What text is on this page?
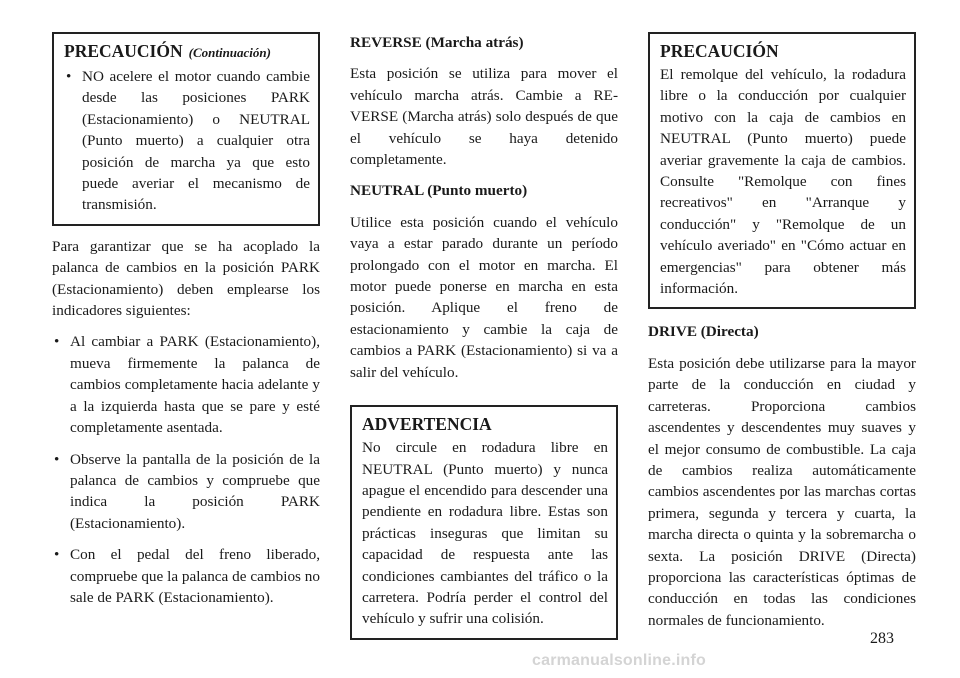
PRECAUCIÓN (Continuación)

• NO acelere el motor cuando cambie desde las posiciones PARK (Estacionamiento) o NEUTRAL (Punto muerto) a cualquier otra posición de marcha ya que esto puede averiar el mecanismo de transmisión.

Para garantizar que se ha acoplado la palanca de cambios en la posición PARK (Estacionamiento) deben emplearse los indicadores siguientes:

• Al cambiar a PARK (Estacionamiento), mueva firmemente la palanca de cambios completamente hacia adelante y a la izquierda hasta que se pare y esté completamente asentada.

• Observe la pantalla de la posición de la palanca de cambios y compruebe que indica la posición PARK (Estacionamiento).

• Con el pedal del freno liberado, compruebe que la palanca de cambios no sale de PARK (Estacionamiento).

REVERSE (Marcha atrás)

Esta posición se utiliza para mover el vehículo marcha atrás. Cambie a REVERSE (Marcha atrás) solo después de que el vehículo se haya detenido completamente.

NEUTRAL (Punto muerto)

Utilice esta posición cuando el vehículo vaya a estar parado durante un período prolongado con el motor en marcha. El motor puede ponerse en marcha en esta posición. Aplique el freno de estacionamiento y cambie la caja de cambios a PARK (Estacionamiento) si va a salir del vehículo.

ADVERTENCIA

No circule en rodadura libre en NEUTRAL (Punto muerto) y nunca apague el encendido para descender una pendiente en rodadura libre. Estas son prácticas inseguras que limitan su capacidad de respuesta ante las condiciones cambiantes del tráfico o la carretera. Podría perder el control del vehículo y sufrir una colisión.

PRECAUCIÓN

El remolque del vehículo, la rodadura libre o la conducción por cualquier motivo con la caja de cambios en NEUTRAL (Punto muerto) puede averiar gravemente la caja de cambios. Consulte "Remolque con fines recreativos" en "Arranque y conducción" y "Remolque de un vehículo averiado" en "Cómo actuar en emergencias" para obtener más información.

DRIVE (Directa)

Esta posición debe utilizarse para la mayor parte de la conducción en ciudad y carreteras. Proporciona cambios ascendentes y descendentes muy suaves y el mejor consumo de combustible. La caja de cambios realiza automáticamente cambios ascendentes por las marchas cortas primera, segunda y tercera y cuarta, la marcha directa o quinta y la sobremarcha o sexta. La posición DRIVE (Directa) proporciona las características óptimas de conducción en todas las condiciones normales de funcionamiento.

283
carmanualsonline.info
